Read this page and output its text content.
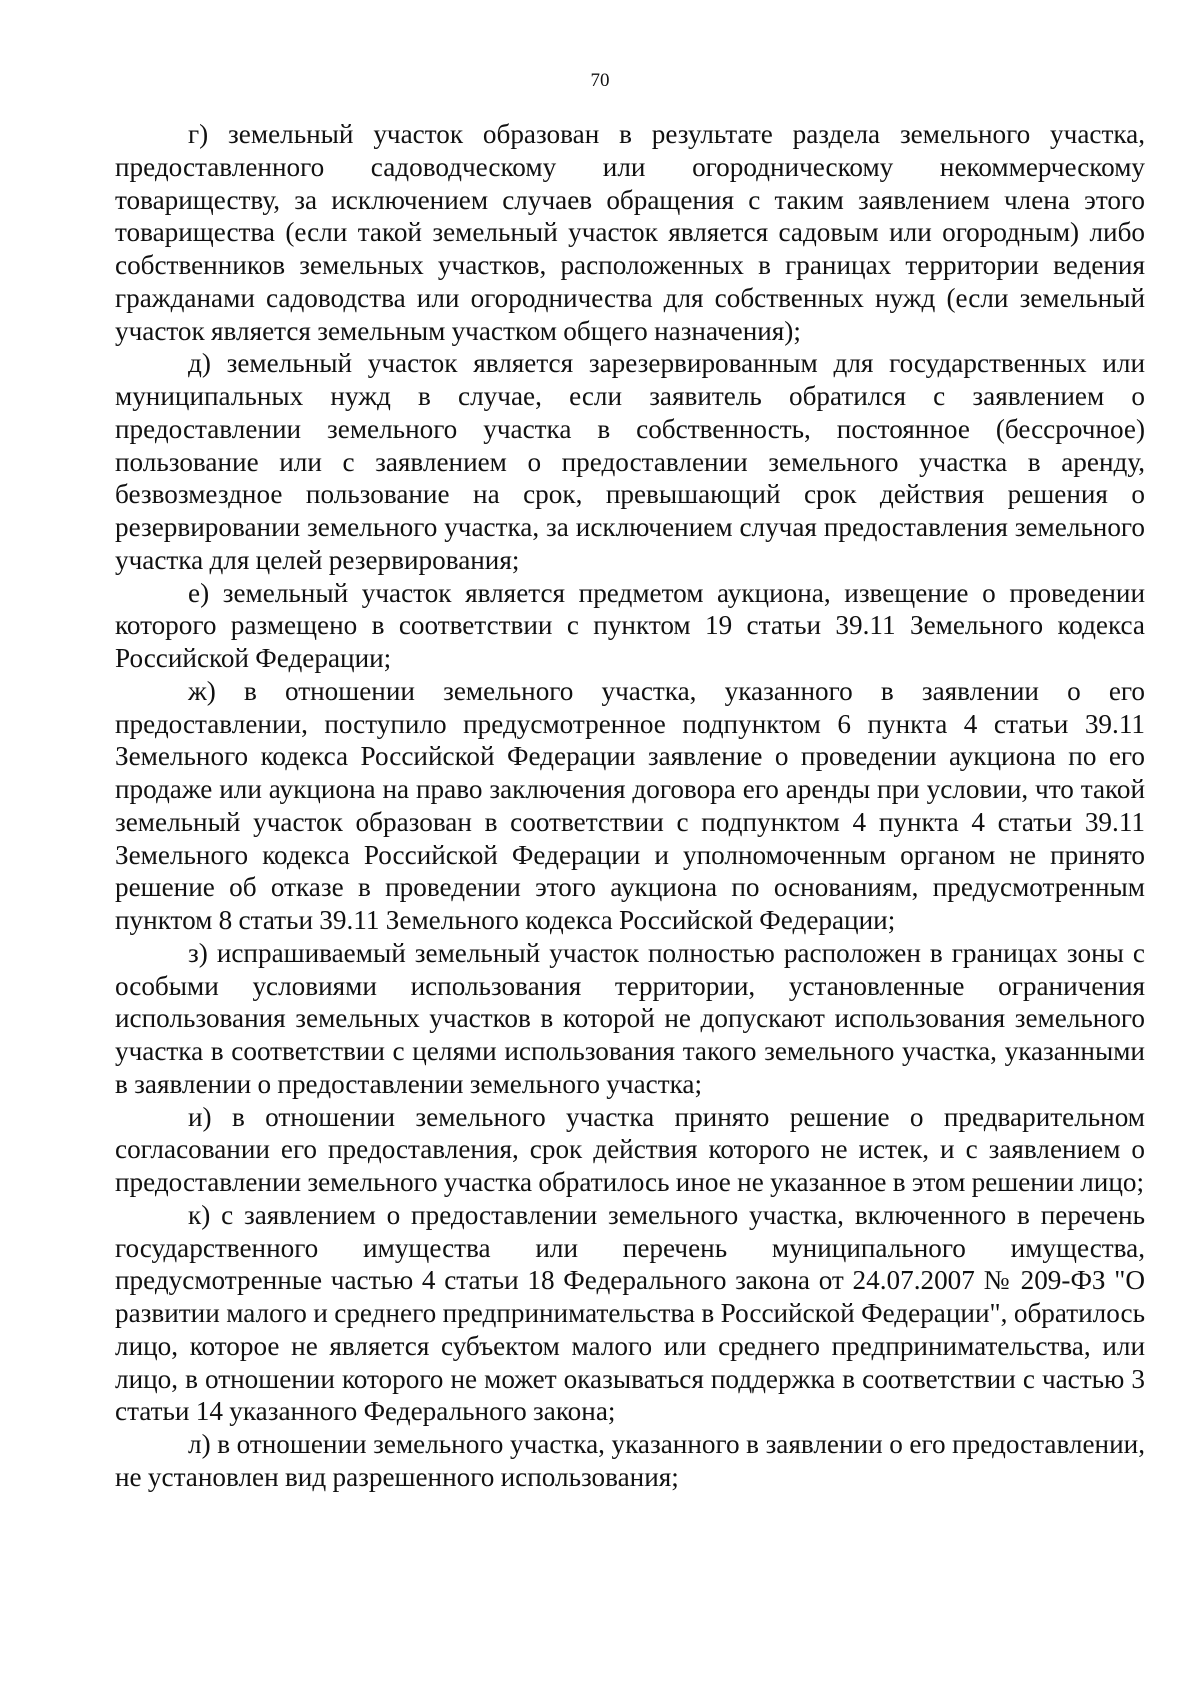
70

г) земельный участок образован в результате раздела земельного участка, предоставленного садоводческому или огородническому некоммерческому товариществу, за исключением случаев обращения с таким заявлением члена этого товарищества (если такой земельный участок является садовым или огородным) либо собственников земельных участков, расположенных в границах территории ведения гражданами садоводства или огородничества для собственных нужд (если земельный участок является земельным участком общего назначения);

д) земельный участок является зарезервированным для государственных или муниципальных нужд в случае, если заявитель обратился с заявлением о предоставлении земельного участка в собственность, постоянное (бессрочное) пользование или с заявлением о предоставлении земельного участка в аренду, безвозмездное пользование на срок, превышающий срок действия решения о резервировании земельного участка, за исключением случая предоставления земельного участка для целей резервирования;

е) земельный участок является предметом аукциона, извещение о проведении которого размещено в соответствии с пунктом 19 статьи 39.11 Земельного кодекса Российской Федерации;

ж) в отношении земельного участка, указанного в заявлении о его предоставлении, поступило предусмотренное подпунктом 6 пункта 4 статьи 39.11 Земельного кодекса Российской Федерации заявление о проведении аукциона по его продаже или аукциона на право заключения договора его аренды при условии, что такой земельный участок образован в соответствии с подпунктом 4 пункта 4 статьи 39.11 Земельного кодекса Российской Федерации и уполномоченным органом не принято решение об отказе в проведении этого аукциона по основаниям, предусмотренным пунктом 8 статьи 39.11 Земельного кодекса Российской Федерации;

з) испрашиваемый земельный участок полностью расположен в границах зоны с особыми условиями использования территории, установленные ограничения использования земельных участков в которой не допускают использования земельного участка в соответствии с целями использования такого земельного участка, указанными в заявлении о предоставлении земельного участка;

и) в отношении земельного участка принято решение о предварительном согласовании его предоставления, срок действия которого не истек, и с заявлением о предоставлении земельного участка обратилось иное не указанное в этом решении лицо;

к) с заявлением о предоставлении земельного участка, включенного в перечень государственного имущества или перечень муниципального имущества, предусмотренные частью 4 статьи 18 Федерального закона от 24.07.2007 № 209-ФЗ "О развитии малого и среднего предпринимательства в Российской Федерации", обратилось лицо, которое не является субъектом малого или среднего предпринимательства, или лицо, в отношении которого не может оказываться поддержка в соответствии с частью 3 статьи 14 указанного Федерального закона;

л) в отношении земельного участка, указанного в заявлении о его предоставлении, не установлен вид разрешенного использования;
